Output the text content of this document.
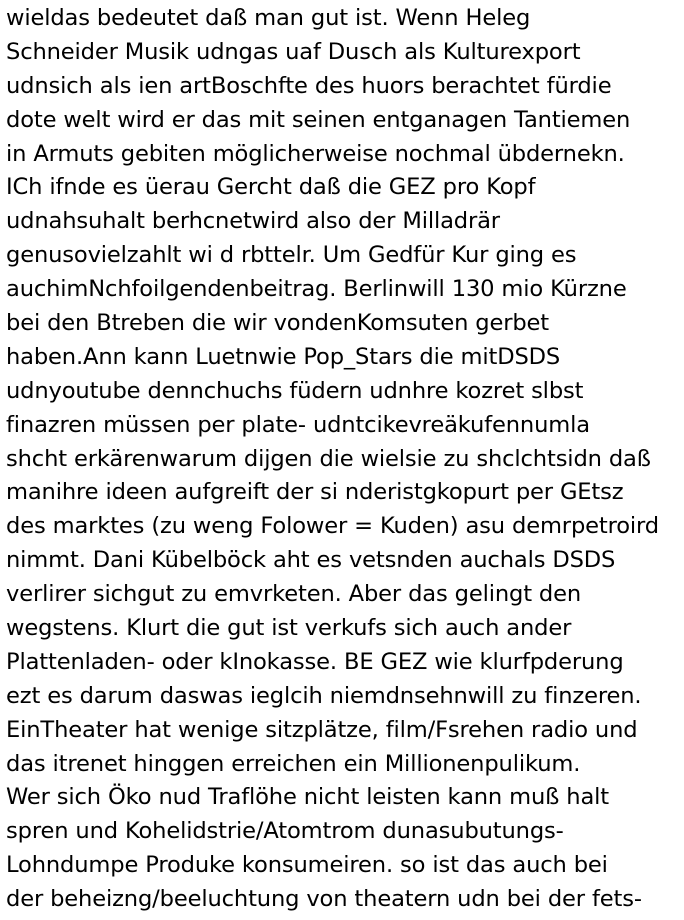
wieldas bedeutet daß man gut ist. Wenn Heleg
Schneider Musik udngas uaf Dusch als Kulturexport
udnsich als ien artBoschfte des huors berachtet fürdie
dote welt wird er das mit seinen entganagen Tantiemen
in Armuts gebiten möglicherweise nochmal übdernekn.
ICh ifnde es üerau Gercht daß die GEZ pro Kopf
udnahsuhalt berhcnetwird also der Milladrär
genusovielzahlt wi d rbttelr. Um Gedfür Kur ging es
auchimNchfoilgendenbeitrag. Berlinwill 130 mio Kürzne
bei den Btreben die wir vondenKomsuten gerbet
haben.Ann kann Luetnwie Pop_Stars die mitDSDS
udnyoutube dennchuchs füdern udnhre kozret slbst
finazren müssen per plate- udntcikevreäkufennumla
shcht erkärenwarum dijgen die wielsie zu shclchtsidn daß
manihre ideen aufgreift der si nderistgkopurt per GEtsz
des marktes (zu weng Folower = Kuden) asu demrpetroird
nimmt. Dani Kübelböck aht es vetsnden auchals DSDS
verlirer sichgut zu emvrketen. Aber das gelingt den
wegstens. Klurt die gut ist verkufs sich auch ander
Plattenladen- oder kInokasse. BE GEZ wie klurfpderung
ezt es darum daswas ieglcih niemdnsehnwill zu finzeren.
EinTheater hat wenige sitzplätze, film/Fsrehen radio und
das itrenet hinggen erreichen ein Millionenpulikum.
Wer sich Öko nud Traflöhe nicht leisten kann muß halt
spren und Kohelidstrie/Atomtrom dunasubutungs-
Lohndumpe Produke konsumeiren. so ist das auch bei
der beheizng/beeluchtung von theatern udn bei der fets-
